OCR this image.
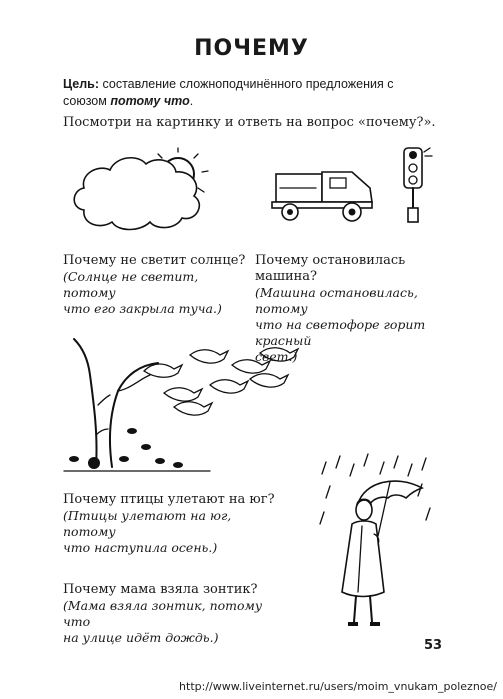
ПОЧЕМУ
Цель: составление сложноподчинённого предложения с союзом потому что.
Посмотри на картинку и ответь на вопрос «почему?».
Почему не светит солнце?
(Солнце не светит, потому
что его закрыла туча.)
Почему остановилась машина?
(Машина остановилась, потому
что на светофоре горит красный
свет.)
Почему птицы улетают на юг?
(Птицы улетают на юг, потому
что наступила осень.)
Почему мама взяла зонтик?
(Мама взяла зонтик, потому что
на улице идёт дождь.)
53
http://www.liveinternet.ru/users/moim_vnukam_poleznoe/
